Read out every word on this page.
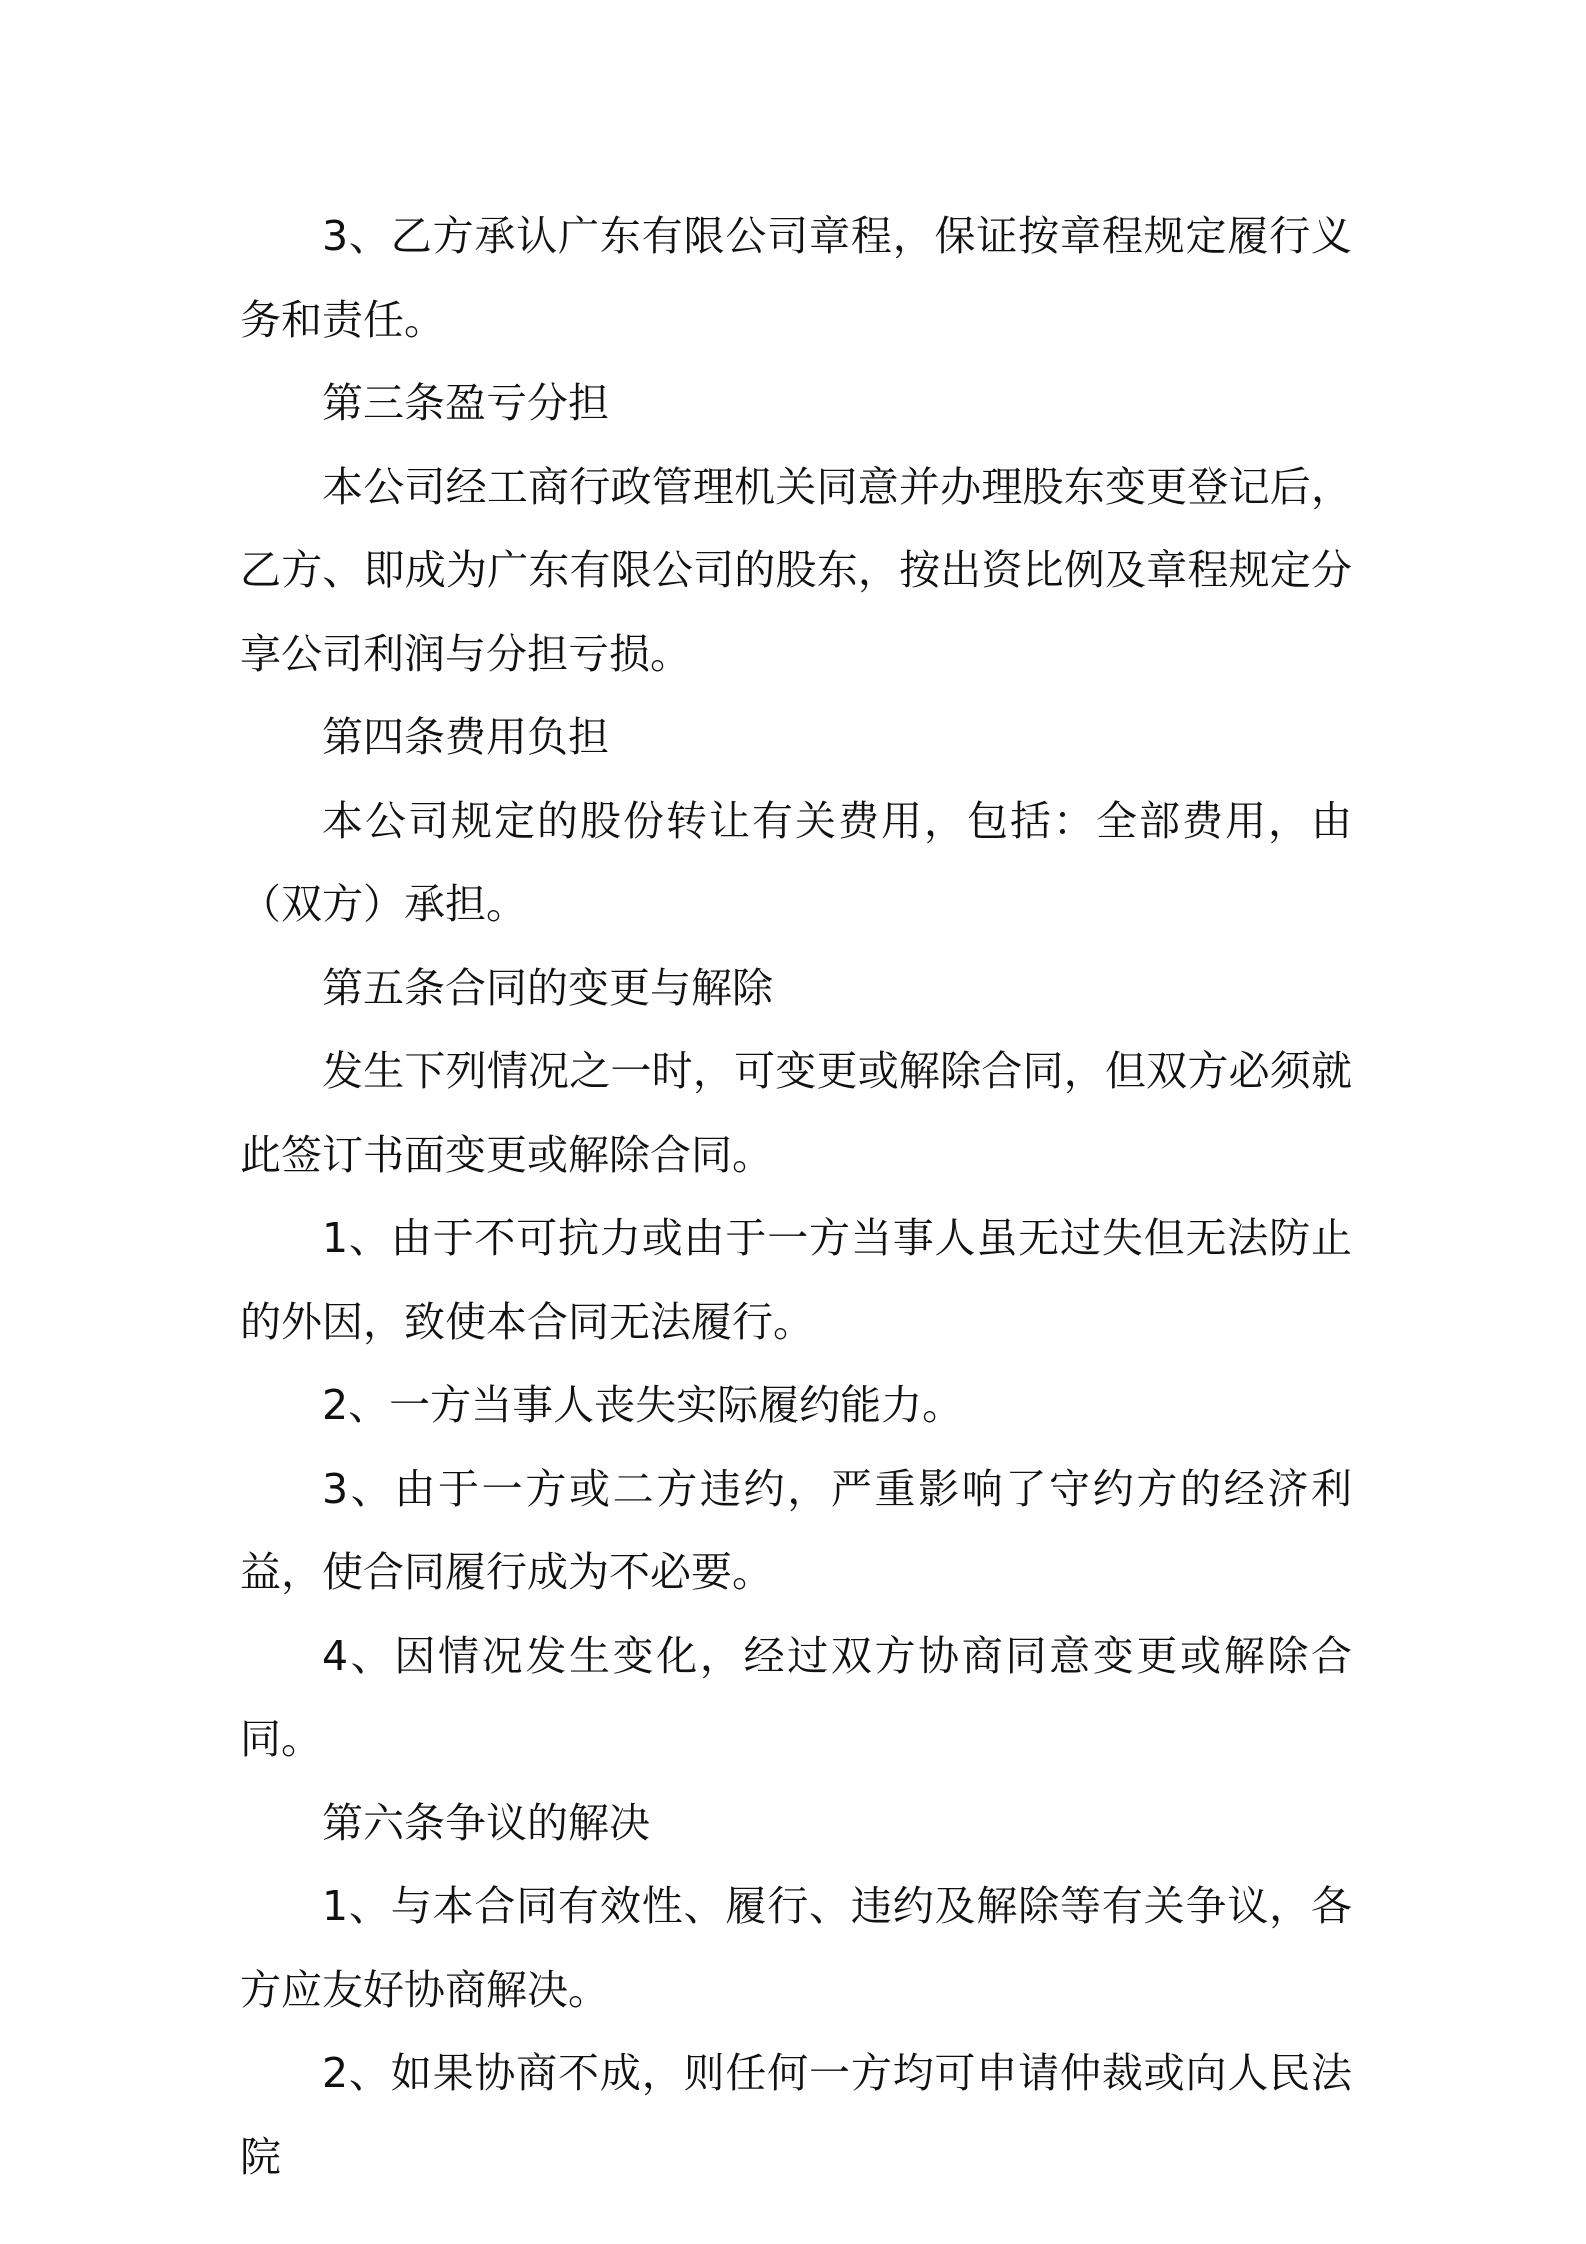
3、乙方承认广东有限公司章程，保证按章程规定履行义务和责任。

第三条盈亏分担

本公司经工商行政管理机关同意并办理股东变更登记后，乙方、即成为广东有限公司的股东，按出资比例及章程规定分享公司利润与分担亏损。

第四条费用负担

本公司规定的股份转让有关费用，包括：全部费用，由（双方）承担。

第五条合同的变更与解除

发生下列情况之一时，可变更或解除合同，但双方必须就此签订书面变更或解除合同。

1、由于不可抗力或由于一方当事人虽无过失但无法防止的外因，致使本合同无法履行。

2、一方当事人丧失实际履约能力。

3、由于一方或二方违约，严重影响了守约方的经济利益，使合同履行成为不必要。

4、因情况发生变化，经过双方协商同意变更或解除合同。

第六条争议的解决

1、与本合同有效性、履行、违约及解除等有关争议，各方应友好协商解决。

2、如果协商不成，则任何一方均可申请仲裁或向人民法院
